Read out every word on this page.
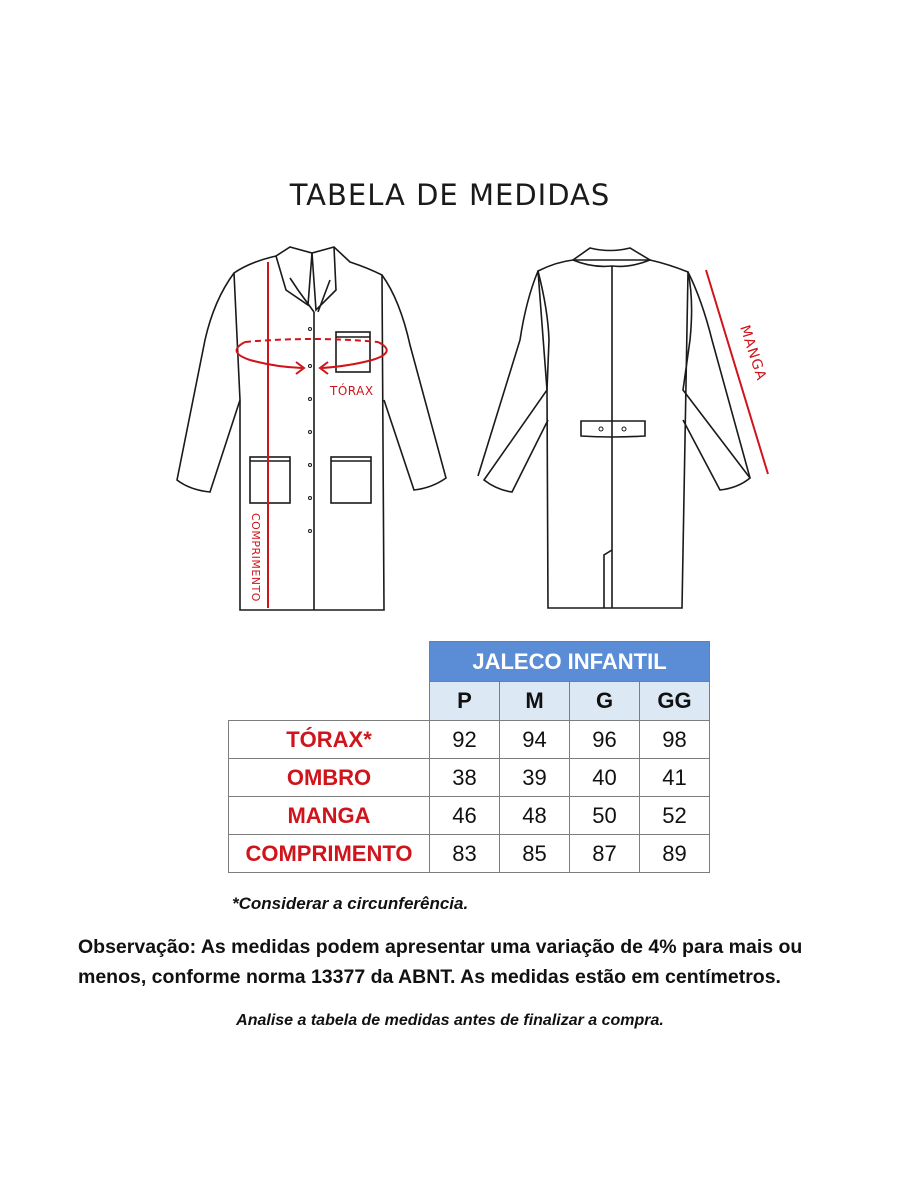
TABELA DE MEDIDAS
TÓRAX
COMPRIMENTO
MANGA
	JALECO INFANTIL			
	P	M	G	GG
TÓRAX*	92	94	96	98
OMBRO	38	39	40	41
MANGA	46	48	50	52
COMPRIMENTO	83	85	87	89
*Considerar a circunferência.
Observação: As medidas podem apresentar uma variação de 4% para mais ou menos, conforme norma 13377 da ABNT. As medidas estão em centímetros.
Analise a tabela de medidas antes de finalizar a compra.
